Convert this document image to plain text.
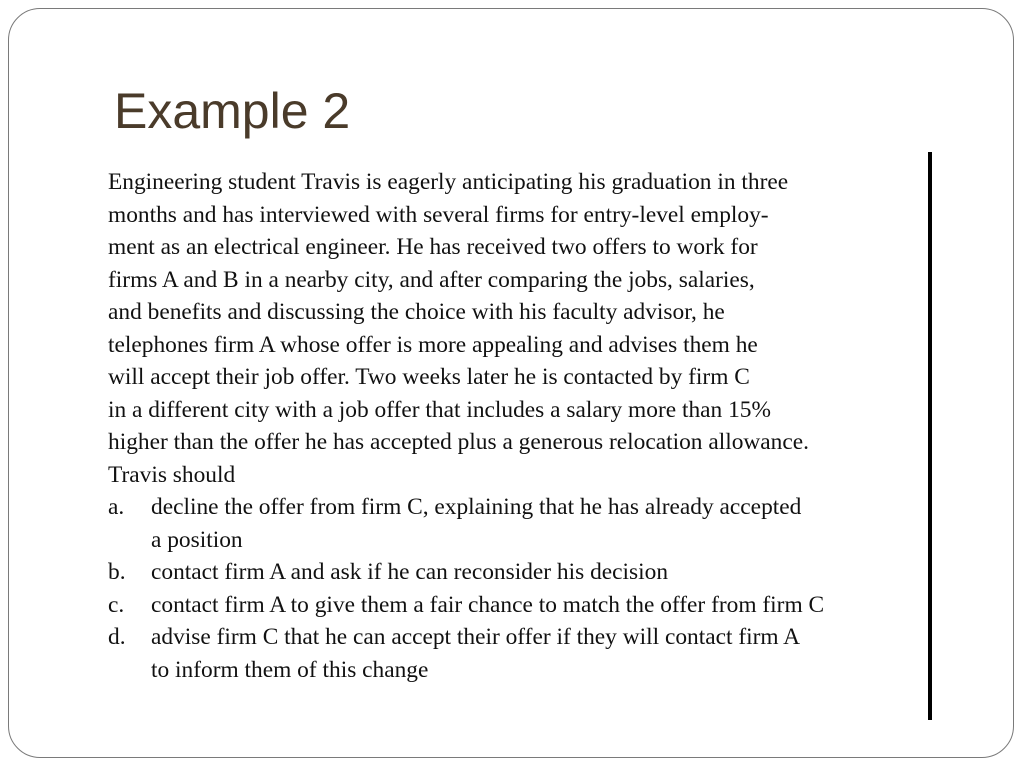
Example 2

Engineering student Travis is eagerly anticipating his graduation in three
months and has interviewed with several firms for entry-level employ-
ment as an electrical engineer. He has received two offers to work for
firms A and B in a nearby city, and after comparing the jobs, salaries,
and benefits and discussing the choice with his faculty advisor, he
telephones firm A whose offer is more appealing and advises them he
will accept their job offer. Two weeks later he is contacted by firm C
in a different city with a job offer that includes a salary more than 15%
higher than the offer he has accepted plus a generous relocation allowance.
Travis should

a.	decline the offer from firm C, explaining that he has already accepted
a position
b.	contact firm A and ask if he can reconsider his decision
c.	contact firm A to give them a fair chance to match the offer from firm C
d.	advise firm C that he can accept their offer if they will contact firm A
to inform them of this change
